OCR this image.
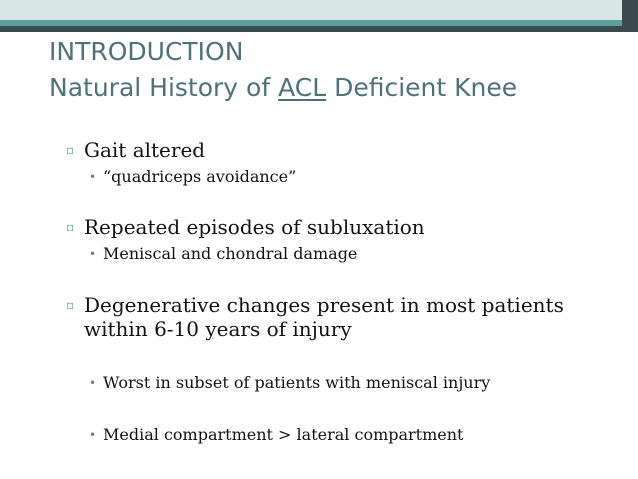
INTRODUCTION
Natural History of ACL Deficient Knee
▫ Gait altered
• “quadriceps avoidance”
▫ Repeated episodes of subluxation
• Meniscal and chondral damage
▫ Degenerative changes present in most patients
within 6-10 years of injury
• Worst in subset of patients with meniscal injury
• Medial compartment > lateral compartment
